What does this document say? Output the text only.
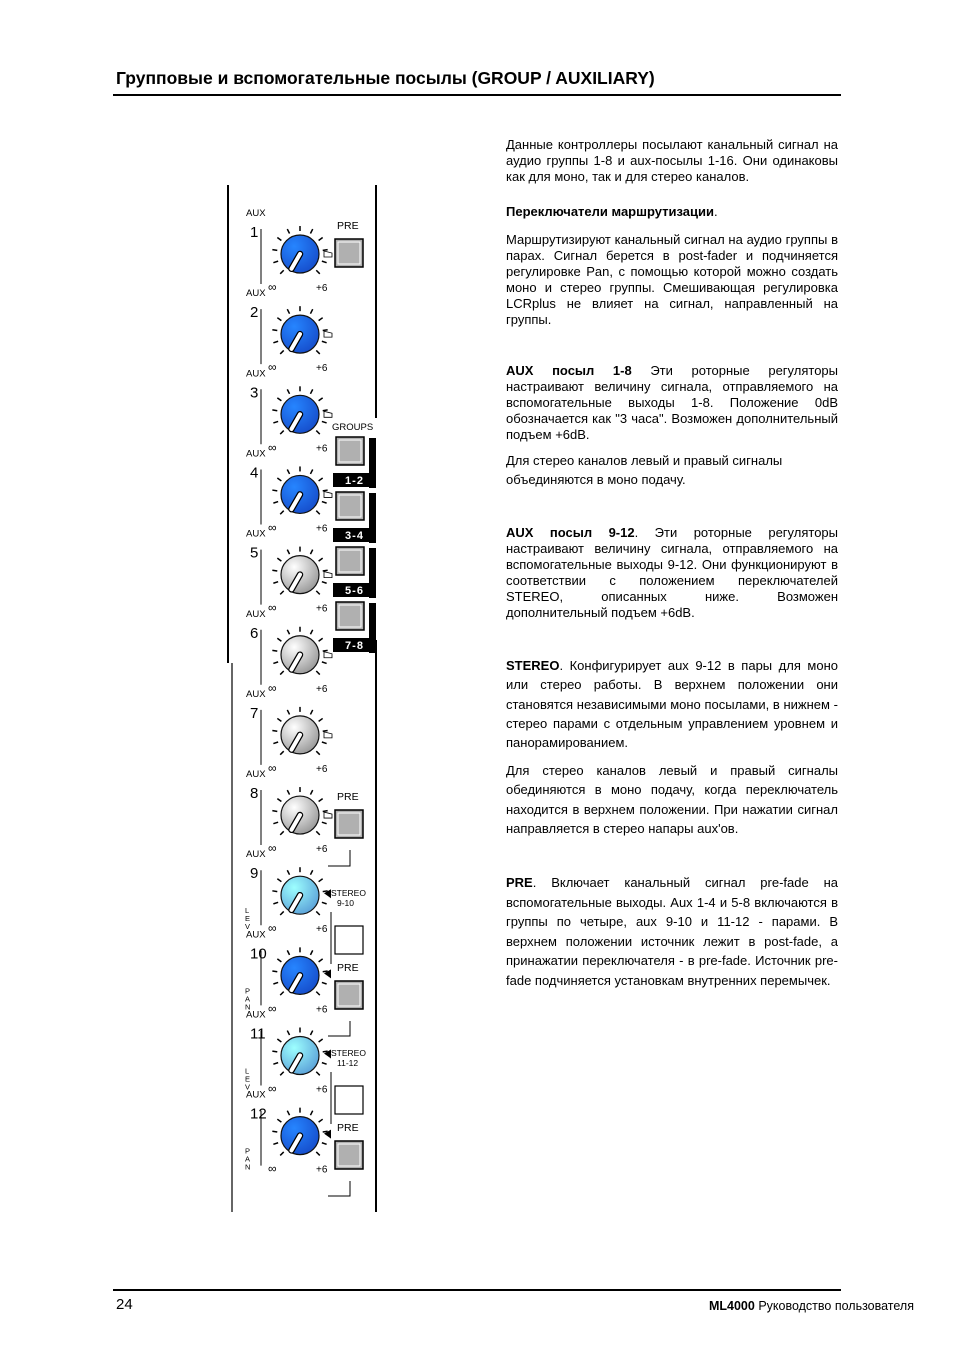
Групповые и вспомогательные посылы (GROUP / AUXILIARY)

Данные контроллеры посылают канальный сигнал на аудио группы 1-8 и aux-посылы 1-16. Они одинаковы как для моно, так и для стерео каналов.

Переключатели маршрутизации.

Маршрутизируют канальный сигнал на аудио группы в парах. Сигнал берется в post-fader и подчиняется регулировке Pan, с помощью которой можно создать моно и стерео группы. Смешивающая регулировка LCRplus не влияет на сигнал, направленный на группы.

AUX посыл 1-8 Эти роторные регуляторы настраивают величину сигнала, отправляемого на вспомогательные выходы 1-8. Положение 0dB обозначается как "3 часа". Возможен дополнительный подъем +6dB.

Для стерео каналов левый и правый сигналы объединяются в моно подачу.

AUX посыл 9-12. Эти роторные регуляторы настраивают величину сигнала, отправляемого на вспомогательные выходы 9-12. Они функционируют в соответствии с положением переключателей STEREO, описанных ниже. Возможен дополнительный подъем +6dB.

STEREO. Конфигурирует aux 9-12 в пары для моно или стерео работы. В верхнем положении они становятся независимыми моно посылами, в нижнем - стерео парами с отдельным управлением уровнем и панорамированием.

Для стерео каналов левый и правый сигналы обединяются в моно подачу, когда переключатель находится в верхнем положении. При нажатии сигнал направляется в стерео напары aux'ов.

PRE. Включает канальный сигнал pre-fade на вспомогательные выходы. Aux 1-4 и 5-8 включаются в группы по четыре, aux 9-10 и 11-12 - парами. В верхнем положении источник лежит в post-fade, а принажатии переключателя - в pre-fade. Источник pre-fade подчиняется установкам внутренних перемычек.

AUX
1
∞	+6
AUX
2
∞	+6
AUX
3
∞	+6
AUX
4
∞	+6
AUX
5
∞	+6
AUX
6
∞	+6
AUX
7
∞	+6
AUX
8
∞	+6
AUX
9
∞	+6
AUX
10
∞	+6
AUX
11
∞	+6
AUX
12
∞	+6
L
E
V
P
A
N
L
E
V
P
A
N
PRE
PRE
PRE
PRE
STEREO
9-10
STEREO
11-12
GROUPS
1-2
3-4
5-6
7-8
24	ML4000 Руководство пользователя
